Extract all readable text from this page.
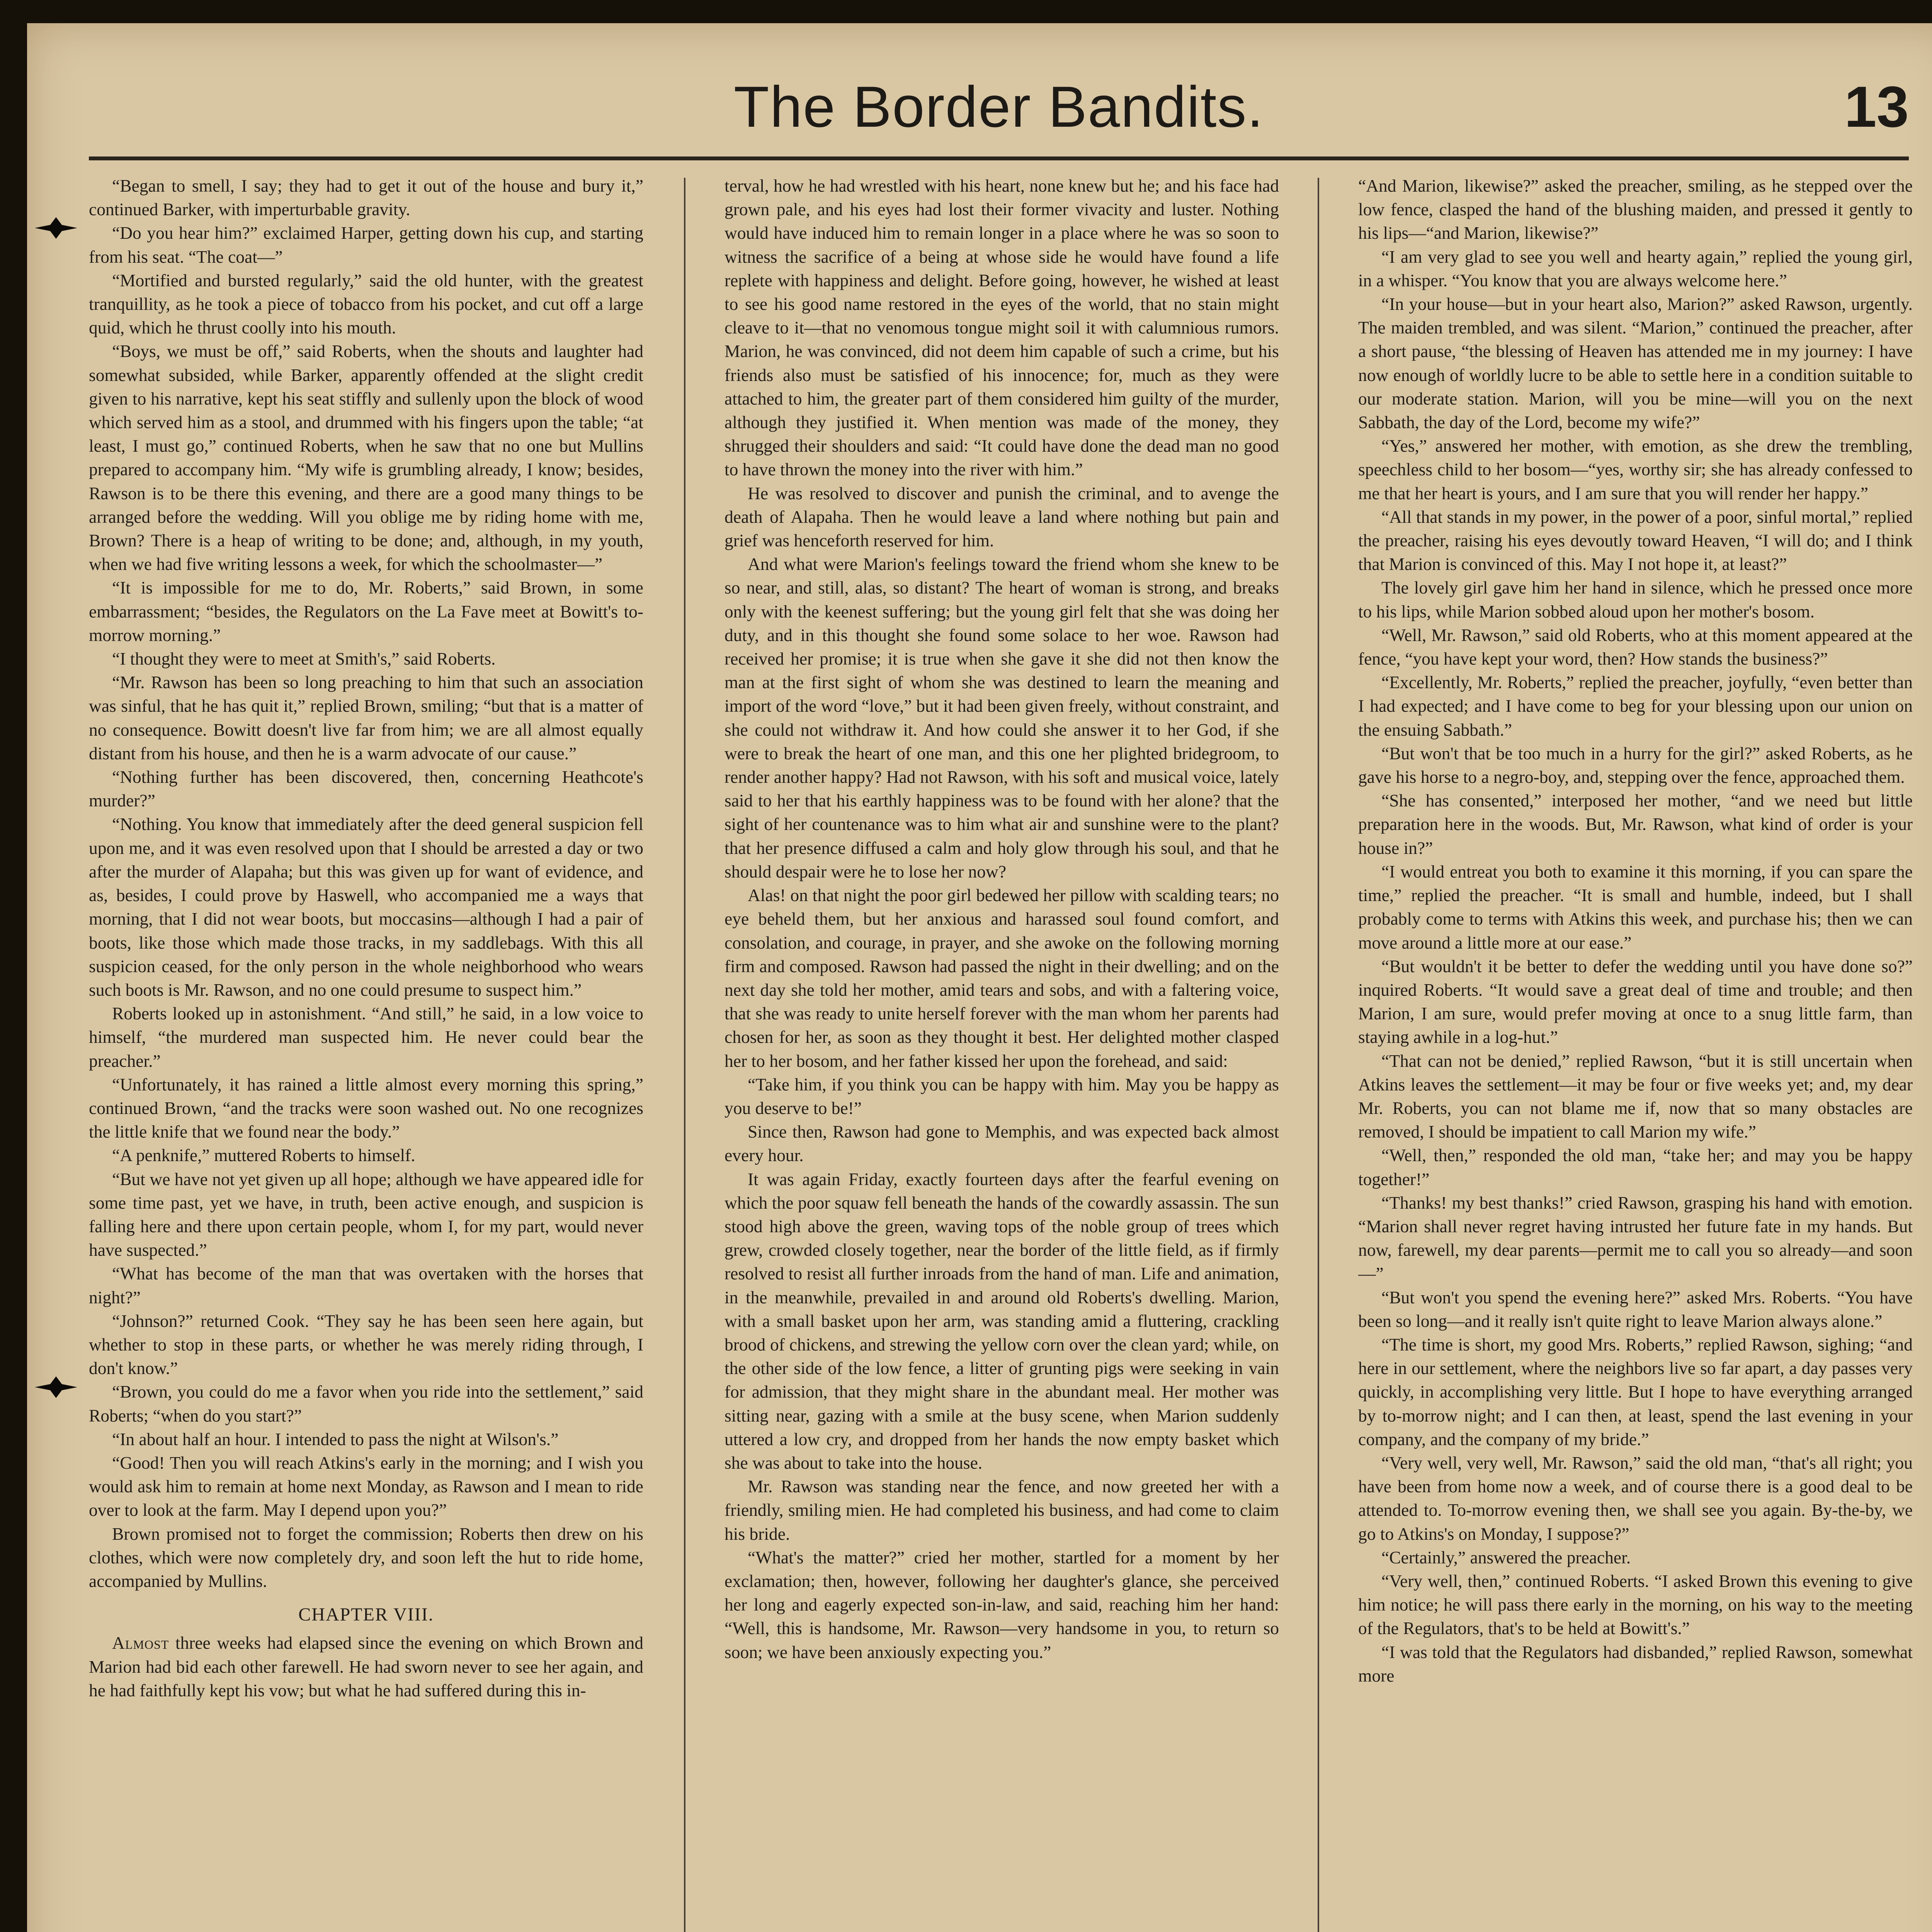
The Border Bandits.	13

“Began to smell, I say; they had to get it out of the house and bury it,” continued Barker, with imperturbable gravity.

“Do you hear him?” exclaimed Harper, getting down his cup, and starting from his seat. “The coat—”

“Mortified and bursted regularly,” said the old hunter, with the greatest tranquillity, as he took a piece of tobacco from his pocket, and cut off a large quid, which he thrust coolly into his mouth.

“Boys, we must be off,” said Roberts, when the shouts and laughter had somewhat subsided, while Barker, apparently offended at the slight credit given to his narrative, kept his seat stiffly and sullenly upon the block of wood which served him as a stool, and drummed with his fingers upon the table; “at least, I must go,” continued Roberts, when he saw that no one but Mullins prepared to accompany him. “My wife is grumbling already, I know; besides, Rawson is to be there this evening, and there are a good many things to be arranged before the wedding. Will you oblige me by riding home with me, Brown? There is a heap of writing to be done; and, although, in my youth, when we had five writing lessons a week, for which the schoolmaster—”

“It is impossible for me to do, Mr. Roberts,” said Brown, in some embarrassment; “besides, the Regulators on the La Fave meet at Bowitt's to-morrow morning.”

“I thought they were to meet at Smith's,” said Roberts.

“Mr. Rawson has been so long preaching to him that such an association was sinful, that he has quit it,” replied Brown, smiling; “but that is a matter of no consequence. Bowitt doesn't live far from him; we are all almost equally distant from his house, and then he is a warm advocate of our cause.”

“Nothing further has been discovered, then, concerning Heathcote's murder?”

“Nothing. You know that immediately after the deed general suspicion fell upon me, and it was even resolved upon that I should be arrested a day or two after the murder of Alapaha; but this was given up for want of evidence, and as, besides, I could prove by Haswell, who accompanied me a ways that morning, that I did not wear boots, but moccasins—although I had a pair of boots, like those which made those tracks, in my saddlebags. With this all suspicion ceased, for the only person in the whole neighborhood who wears such boots is Mr. Rawson, and no one could presume to suspect him.”

Roberts looked up in astonishment. “And still,” he said, in a low voice to himself, “the murdered man suspected him. He never could bear the preacher.”

“Unfortunately, it has rained a little almost every morning this spring,” continued Brown, “and the tracks were soon washed out. No one recognizes the little knife that we found near the body.”

“A penknife,” muttered Roberts to himself.

“But we have not yet given up all hope; although we have appeared idle for some time past, yet we have, in truth, been active enough, and suspicion is falling here and there upon certain people, whom I, for my part, would never have suspected.”

“What has become of the man that was overtaken with the horses that night?”

“Johnson?” returned Cook. “They say he has been seen here again, but whether to stop in these parts, or whether he was merely riding through, I don't know.”

“Brown, you could do me a favor when you ride into the settlement,” said Roberts; “when do you start?”

“In about half an hour. I intended to pass the night at Wilson's.”

“Good! Then you will reach Atkins's early in the morning; and I wish you would ask him to remain at home next Monday, as Rawson and I mean to ride over to look at the farm. May I depend upon you?”

Brown promised not to forget the commission; Roberts then drew on his clothes, which were now completely dry, and soon left the hut to ride home, accompanied by Mullins.

CHAPTER VIII.

Almost three weeks had elapsed since the evening on which Brown and Marion had bid each other farewell. He had sworn never to see her again, and he had faithfully kept his vow; but what he had suffered during this in-

terval, how he had wrestled with his heart, none knew but he; and his face had grown pale, and his eyes had lost their former vivacity and luster. Nothing would have induced him to remain longer in a place where he was so soon to witness the sacrifice of a being at whose side he would have found a life replete with happiness and delight. Before going, however, he wished at least to see his good name restored in the eyes of the world, that no stain might cleave to it—that no venomous tongue might soil it with calumnious rumors. Marion, he was convinced, did not deem him capable of such a crime, but his friends also must be satisfied of his innocence; for, much as they were attached to him, the greater part of them considered him guilty of the murder, although they justified it. When mention was made of the money, they shrugged their shoulders and said: “It could have done the dead man no good to have thrown the money into the river with him.”

He was resolved to discover and punish the criminal, and to avenge the death of Alapaha. Then he would leave a land where nothing but pain and grief was henceforth reserved for him.

And what were Marion's feelings toward the friend whom she knew to be so near, and still, alas, so distant? The heart of woman is strong, and breaks only with the keenest suffering; but the young girl felt that she was doing her duty, and in this thought she found some solace to her woe. Rawson had received her promise; it is true when she gave it she did not then know the man at the first sight of whom she was destined to learn the meaning and import of the word “love,” but it had been given freely, without constraint, and she could not withdraw it. And how could she answer it to her God, if she were to break the heart of one man, and this one her plighted bridegroom, to render another happy? Had not Rawson, with his soft and musical voice, lately said to her that his earthly happiness was to be found with her alone? that the sight of her countenance was to him what air and sunshine were to the plant? that her presence diffused a calm and holy glow through his soul, and that he should despair were he to lose her now?

Alas! on that night the poor girl bedewed her pillow with scalding tears; no eye beheld them, but her anxious and harassed soul found comfort, and consolation, and courage, in prayer, and she awoke on the following morning firm and composed. Rawson had passed the night in their dwelling; and on the next day she told her mother, amid tears and sobs, and with a faltering voice, that she was ready to unite herself forever with the man whom her parents had chosen for her, as soon as they thought it best. Her delighted mother clasped her to her bosom, and her father kissed her upon the forehead, and said:

“Take him, if you think you can be happy with him. May you be happy as you deserve to be!”

Since then, Rawson had gone to Memphis, and was expected back almost every hour.

It was again Friday, exactly fourteen days after the fearful evening on which the poor squaw fell beneath the hands of the cowardly assassin. The sun stood high above the green, waving tops of the noble group of trees which grew, crowded closely together, near the border of the little field, as if firmly resolved to resist all further inroads from the hand of man. Life and animation, in the meanwhile, prevailed in and around old Roberts's dwelling. Marion, with a small basket upon her arm, was standing amid a fluttering, crackling brood of chickens, and strewing the yellow corn over the clean yard; while, on the other side of the low fence, a litter of grunting pigs were seeking in vain for admission, that they might share in the abundant meal. Her mother was sitting near, gazing with a smile at the busy scene, when Marion suddenly uttered a low cry, and dropped from her hands the now empty basket which she was about to take into the house.

Mr. Rawson was standing near the fence, and now greeted her with a friendly, smiling mien. He had completed his business, and had come to claim his bride.

“What's the matter?” cried her mother, startled for a moment by her exclamation; then, however, following her daughter's glance, she perceived her long and eagerly expected son-in-law, and said, reaching him her hand: “Well, this is handsome, Mr. Rawson—very handsome in you, to return so soon; we have been anxiously expecting you.”

“And Marion, likewise?” asked the preacher, smiling, as he stepped over the low fence, clasped the hand of the blushing maiden, and pressed it gently to his lips—“and Marion, likewise?”

“I am very glad to see you well and hearty again,” replied the young girl, in a whisper. “You know that you are always welcome here.”

“In your house—but in your heart also, Marion?” asked Rawson, urgently. The maiden trembled, and was silent. “Marion,” continued the preacher, after a short pause, “the blessing of Heaven has attended me in my journey: I have now enough of worldly lucre to be able to settle here in a condition suitable to our moderate station. Marion, will you be mine—will you on the next Sabbath, the day of the Lord, become my wife?”

“Yes,” answered her mother, with emotion, as she drew the trembling, speechless child to her bosom—“yes, worthy sir; she has already confessed to me that her heart is yours, and I am sure that you will render her happy.”

“All that stands in my power, in the power of a poor, sinful mortal,” replied the preacher, raising his eyes devoutly toward Heaven, “I will do; and I think that Marion is convinced of this. May I not hope it, at least?”

The lovely girl gave him her hand in silence, which he pressed once more to his lips, while Marion sobbed aloud upon her mother's bosom.

“Well, Mr. Rawson,” said old Roberts, who at this moment appeared at the fence, “you have kept your word, then? How stands the business?”

“Excellently, Mr. Roberts,” replied the preacher, joyfully, “even better than I had expected; and I have come to beg for your blessing upon our union on the ensuing Sabbath.”

“But won't that be too much in a hurry for the girl?” asked Roberts, as he gave his horse to a negro-boy, and, stepping over the fence, approached them.

“She has consented,” interposed her mother, “and we need but little preparation here in the woods. But, Mr. Rawson, what kind of order is your house in?”

“I would entreat you both to examine it this morning, if you can spare the time,” replied the preacher. “It is small and humble, indeed, but I shall probably come to terms with Atkins this week, and purchase his; then we can move around a little more at our ease.”

“But wouldn't it be better to defer the wedding until you have done so?” inquired Roberts. “It would save a great deal of time and trouble; and then Marion, I am sure, would prefer moving at once to a snug little farm, than staying awhile in a log-hut.”

“That can not be denied,” replied Rawson, “but it is still uncertain when Atkins leaves the settlement—it may be four or five weeks yet; and, my dear Mr. Roberts, you can not blame me if, now that so many obstacles are removed, I should be impatient to call Marion my wife.”

“Well, then,” responded the old man, “take her; and may you be happy together!”

“Thanks! my best thanks!” cried Rawson, grasping his hand with emotion. “Marion shall never regret having intrusted her future fate in my hands. But now, farewell, my dear parents—permit me to call you so already—and soon—”

“But won't you spend the evening here?” asked Mrs. Roberts. “You have been so long—and it really isn't quite right to leave Marion always alone.”

“The time is short, my good Mrs. Roberts,” replied Rawson, sighing; “and here in our settlement, where the neighbors live so far apart, a day passes very quickly, in accomplishing very little. But I hope to have everything arranged by to-morrow night; and I can then, at least, spend the last evening in your company, and the company of my bride.”

“Very well, very well, Mr. Rawson,” said the old man, “that's all right; you have been from home now a week, and of course there is a good deal to be attended to. To-morrow evening then, we shall see you again. By-the-by, we go to Atkins's on Monday, I suppose?”

“Certainly,” answered the preacher.

“Very well, then,” continued Roberts. “I asked Brown this evening to give him notice; he will pass there early in the morning, on his way to the meeting of the Regulators, that's to be held at Bowitt's.”

“I was told that the Regulators had disbanded,” replied Rawson, somewhat more
